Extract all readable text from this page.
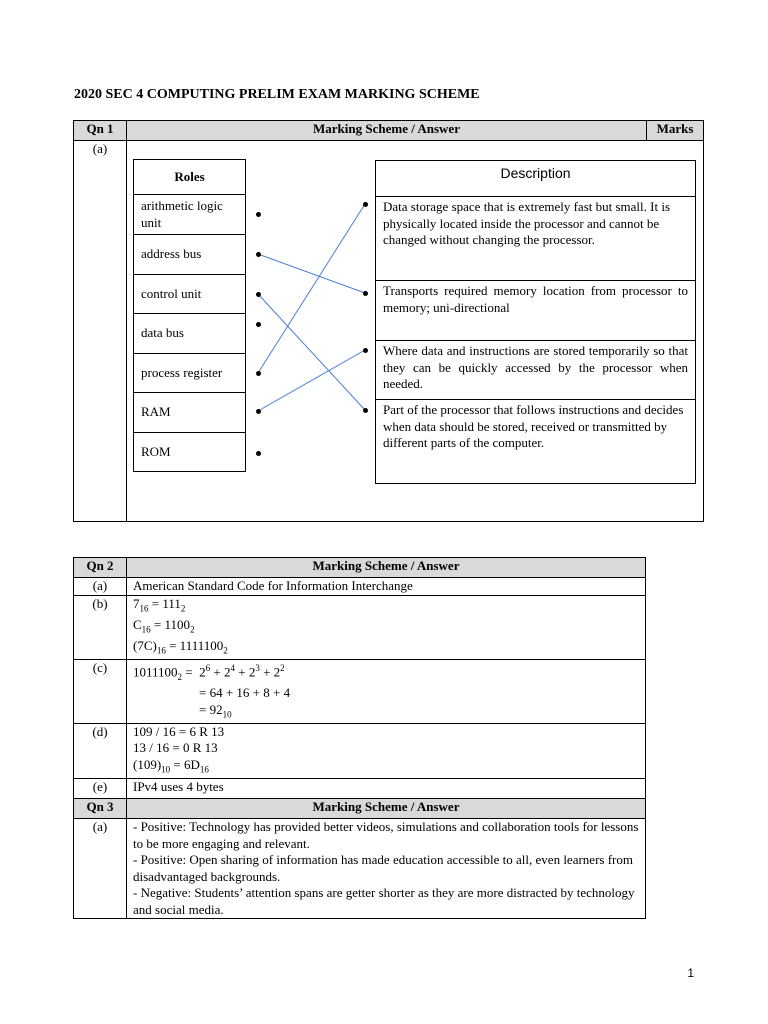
2020 SEC 4 COMPUTING PRELIM EXAM MARKING SCHEME
Qn 1	Marking Scheme / Answer	Marks
(a)		
Roles
arithmetic logic unit
address bus
control unit
data bus
process register
RAM
ROM
Description
Data storage space that is extremely fast but small. It is physically located inside the processor and cannot be changed without changing the processor.
Transports required memory location from processor to memory; uni-directional
Where data and instructions are stored temporarily so that they can be quickly accessed by the processor when needed.
Part of the processor that follows instructions and decides when data should be stored, received or transmitted by different parts of the computer.
Qn 2	Marking Scheme / Answer
(a)	American Standard Code for Information Interchange
(b)	$7_{16} = 111_2$
$C_{16} = 1100_2$
$(7C)_{16} = 1111100_2$

(c)	$1011100_2 = 2^6 + 2^4 + 2^3 + 2^2$
= 64 + 16 + 8 + 4
= $92_{10}$

(d)	109 / 16 = 6 R 13
13 / 16 = 0 R 13
$(109)_{10} = 6D_{16}$

(e)	IPv4 uses 4 bytes
Qn 3	Marking Scheme / Answer
(a)	- Positive: Technology has provided better videos, simulations and collaboration tools for lessons to be more engaging and relevant.
- Positive: Open sharing of information has made education accessible to all, even learners from disadvantaged backgrounds.
- Negative: Students’ attention spans are getter shorter as they are more distracted by technology and social media.
1
